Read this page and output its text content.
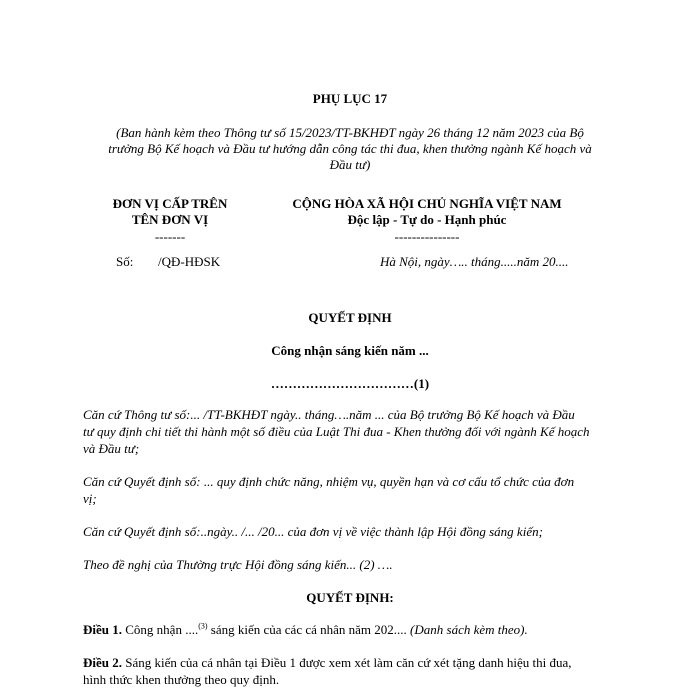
PHỤ LỤC 17
(Ban hành kèm theo Thông tư số 15/2023/TT-BKHĐT ngày 26 tháng 12 năm 2023 của Bộ
trưởng Bộ Kế hoạch và Đầu tư hướng dẫn công tác thi đua, khen thưởng ngành Kế hoạch và
Đầu tư)
ĐƠN VỊ CẤP TRÊN
TÊN ĐƠN VỊ
-------
Số: /QĐ-HĐSK
CỘNG HÒA XÃ HỘI CHỦ NGHĨA VIỆT NAM
Độc lập - Tự do - Hạnh phúc
---------------
Hà Nội, ngày….. tháng.....năm 20....
QUYẾT ĐỊNH
Công nhận sáng kiến năm ...
……………………………(1)
Căn cứ Thông tư số:... /TT-BKHĐT ngày.. tháng….năm ... của Bộ trưởng Bộ Kế hoạch và Đầu
tư quy định chi tiết thi hành một số điều của Luật Thi đua - Khen thưởng đối với ngành Kế hoạch
và Đầu tư;
Căn cứ Quyết định số: ... quy định chức năng, nhiệm vụ, quyền hạn và cơ cấu tổ chức của đơn
vị;
Căn cứ Quyết định số:..ngày.. /... /20... của đơn vị về việc thành lập Hội đồng sáng kiến;
Theo đề nghị của Thường trực Hội đồng sáng kiến... (2) ….
QUYẾT ĐỊNH:
Điều 1. Công nhận ....$^{(3)}$ sáng kiến của các cá nhân năm 202.... (Danh sách kèm theo).
Điều 2. Sáng kiến của cá nhân tại Điều 1 được xem xét làm căn cứ xét tặng danh hiệu thi đua,
hình thức khen thưởng theo quy định.
